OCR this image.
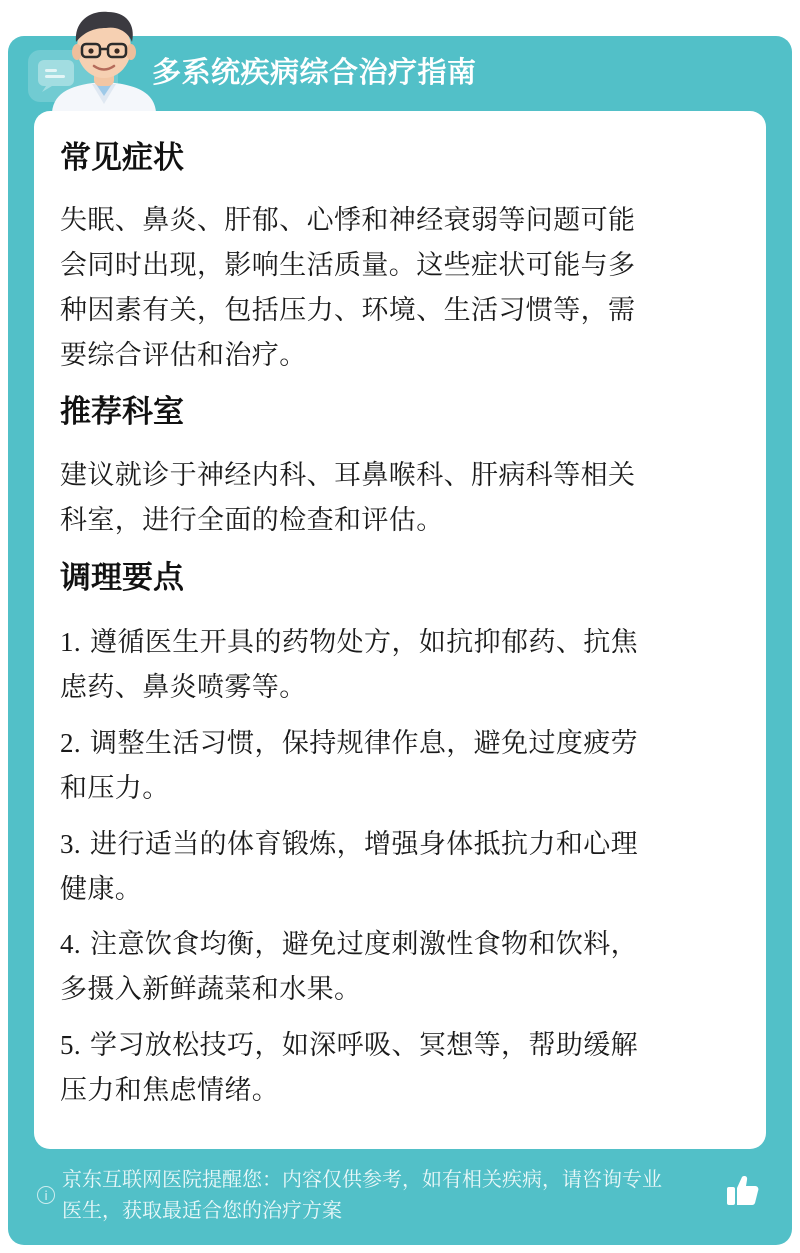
多系统疾病综合治疗指南
常见症状
失眠、鼻炎、肝郁、心悸和神经衰弱等问题可能
会同时出现，影响生活质量。这些症状可能与多
种因素有关，包括压力、环境、生活习惯等，需
要综合评估和治疗。
推荐科室
建议就诊于神经内科、耳鼻喉科、肝病科等相关
科室，进行全面的检查和评估。
调理要点
1. 遵循医生开具的药物处方，如抗抑郁药、抗焦
虑药、鼻炎喷雾等。
2. 调整生活习惯，保持规律作息，避免过度疲劳
和压力。
3. 进行适当的体育锻炼，增强身体抵抗力和心理
健康。
4. 注意饮食均衡，避免过度刺激性食物和饮料，
多摄入新鲜蔬菜和水果。
5. 学习放松技巧，如深呼吸、冥想等，帮助缓解
压力和焦虑情绪。
i
京东互联网医院提醒您：内容仅供参考，如有相关疾病，请咨询专业
医生，获取最适合您的治疗方案
